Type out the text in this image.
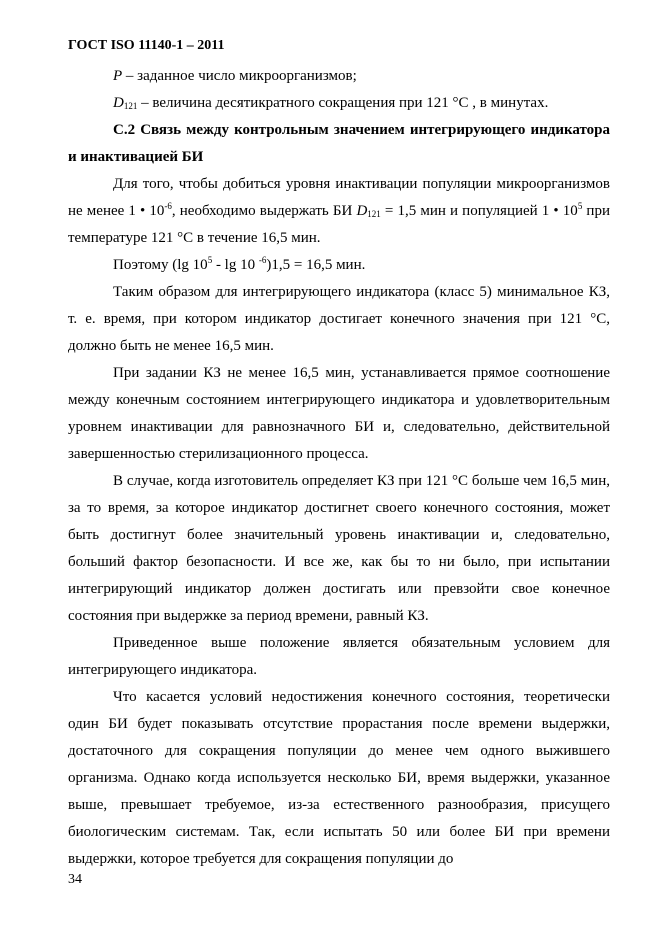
ГОСТ ISO 11140-1 – 2011

P – заданное число микроорганизмов;

$D_{121}$ – величина десятикратного сокращения при 121 °С , в минутах.

С.2 Связь между контрольным значением интегрирующего индикатора и инактивацией БИ

Для того, чтобы добиться уровня инактивации популяции микроорганизмов не менее 1 • $10^{-6}$, необходимо выдержать БИ $D_{121} = 1,5$ мин и популяцией 1 • $10^5$ при температуре 121 °С в течение 16,5 мин.

Поэтому (lg $10^5$ - lg 10 $^{-6}$)1,5 = 16,5 мин.

Таким образом для интегрирующего индикатора (класс 5) минимальное КЗ, т. е. время, при котором индикатор достигает конечного значения при 121 °С, должно быть не менее 16,5 мин.

При задании КЗ не менее 16,5 мин, устанавливается прямое соотношение между конечным состоянием интегрирующего индикатора и удовлетворительным уровнем инактивации для равнозначного БИ и, следовательно, действительной завершенностью стерилизационного процесса.

В случае, когда изготовитель определяет КЗ при 121 °С больше чем 16,5 мин, за то время, за которое индикатор достигнет своего конечного состояния, может быть достигнут более значительный уровень инактивации и, следовательно, больший фактор безопасности. И все же, как бы то ни было, при испытании интегрирующий индикатор должен достигать или превзойти свое конечное состояния при выдержке за период времени, равный КЗ.

Приведенное выше положение является обязательным условием для интегрирующего индикатора.

Что касается условий недостижения конечного состояния, теоретически один БИ будет показывать отсутствие прорастания после времени выдержки, достаточного для сокращения популяции до менее чем одного выжившего организма. Однако когда используется несколько БИ, время выдержки, указанное выше, превышает требуемое, из-за естественного разнообразия, присущего биологическим системам. Так, если испытать 50 или более БИ при времени выдержки, которое требуется для сокращения популяции до

34
